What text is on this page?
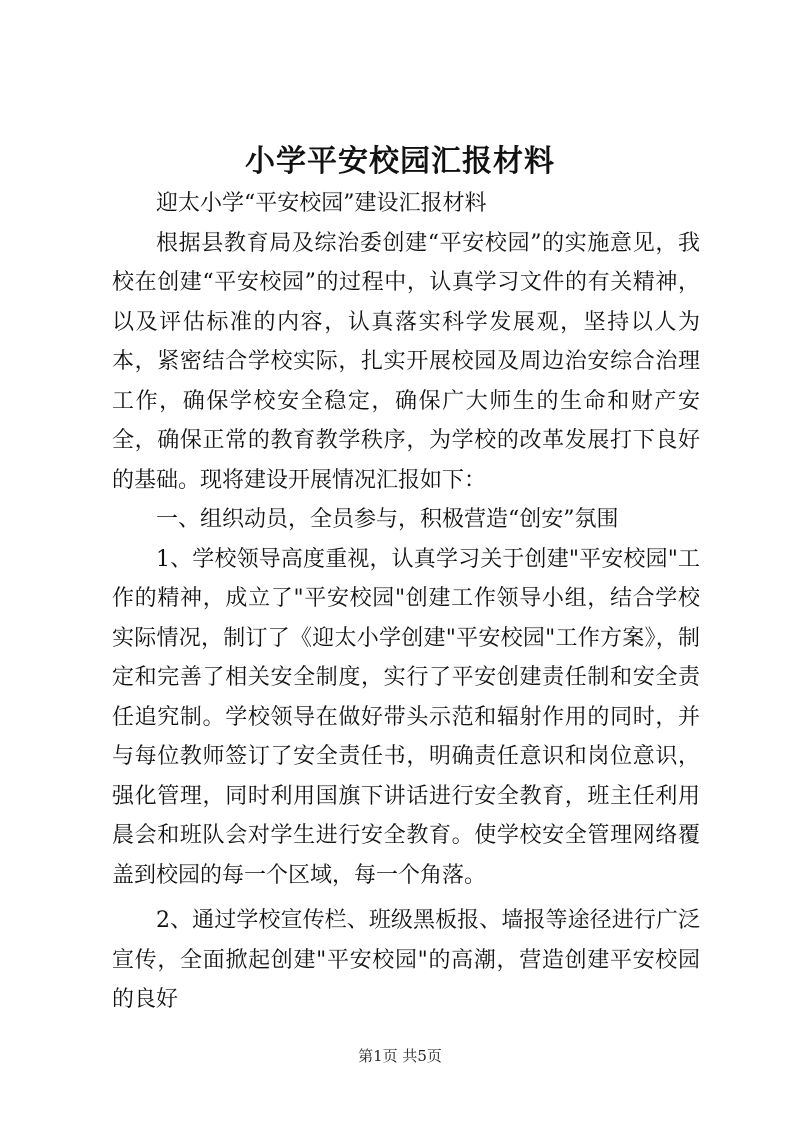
小学平安校园汇报材料

迎太小学“平安校园”建设汇报材料

根据县教育局及综治委创建“平安校园”的实施意见，我校在创建“平安校园”的过程中，认真学习文件的有关精神，以及评估标准的内容，认真落实科学发展观，坚持以人为本，紧密结合学校实际，扎实开展校园及周边治安综合治理工作，确保学校安全稳定，确保广大师生的生命和财产安全，确保正常的教育教学秩序，为学校的改革发展打下良好的基础。现将建设开展情况汇报如下：

一、组织动员，全员参与，积极营造“创安”氛围

1、学校领导高度重视，认真学习关于创建"平安校园"工作的精神，成立了"平安校园"创建工作领导小组，结合学校实际情况，制订了《迎太小学创建"平安校园"工作方案》，制定和完善了相关安全制度，实行了平安创建责任制和安全责任追究制。学校领导在做好带头示范和辐射作用的同时，并与每位教师签订了安全责任书，明确责任意识和岗位意识，强化管理，同时利用国旗下讲话进行安全教育，班主任利用晨会和班队会对学生进行安全教育。使学校安全管理网络覆盖到校园的每一个区域，每一个角落。

2、通过学校宣传栏、班级黑板报、墙报等途径进行广泛宣传，全面掀起创建"平安校园"的高潮，营造创建平安校园的良好

第1页 共5页
